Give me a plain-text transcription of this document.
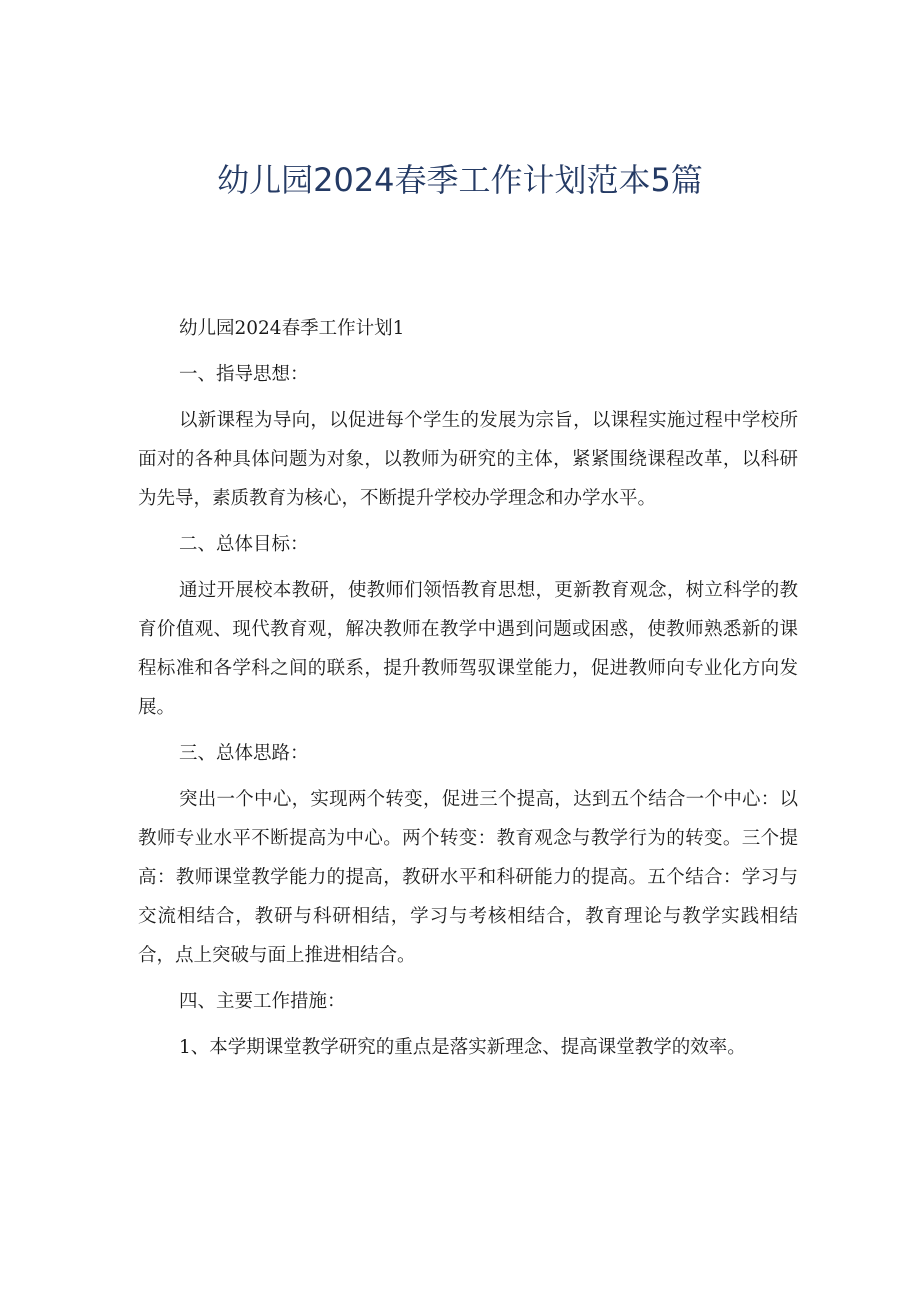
幼儿园2024春季工作计划范本5篇

幼儿园2024春季工作计划1

一、指导思想：

以新课程为导向，以促进每个学生的发展为宗旨，以课程实施过程中学校所面对的各种具体问题为对象，以教师为研究的主体，紧紧围绕课程改革，以科研为先导，素质教育为核心，不断提升学校办学理念和办学水平。

二、总体目标：

通过开展校本教研，使教师们领悟教育思想，更新教育观念，树立科学的教育价值观、现代教育观，解决教师在教学中遇到问题或困惑，使教师熟悉新的课程标准和各学科之间的联系，提升教师驾驭课堂能力，促进教师向专业化方向发展。

三、总体思路：

突出一个中心，实现两个转变，促进三个提高，达到五个结合一个中心：以教师专业水平不断提高为中心。两个转变：教育观念与教学行为的转变。三个提高：教师课堂教学能力的提高，教研水平和科研能力的提高。五个结合：学习与交流相结合，教研与科研相结，学习与考核相结合，教育理论与教学实践相结合，点上突破与面上推进相结合。

四、主要工作措施：

1、本学期课堂教学研究的重点是落实新理念、提高课堂教学的效率。
